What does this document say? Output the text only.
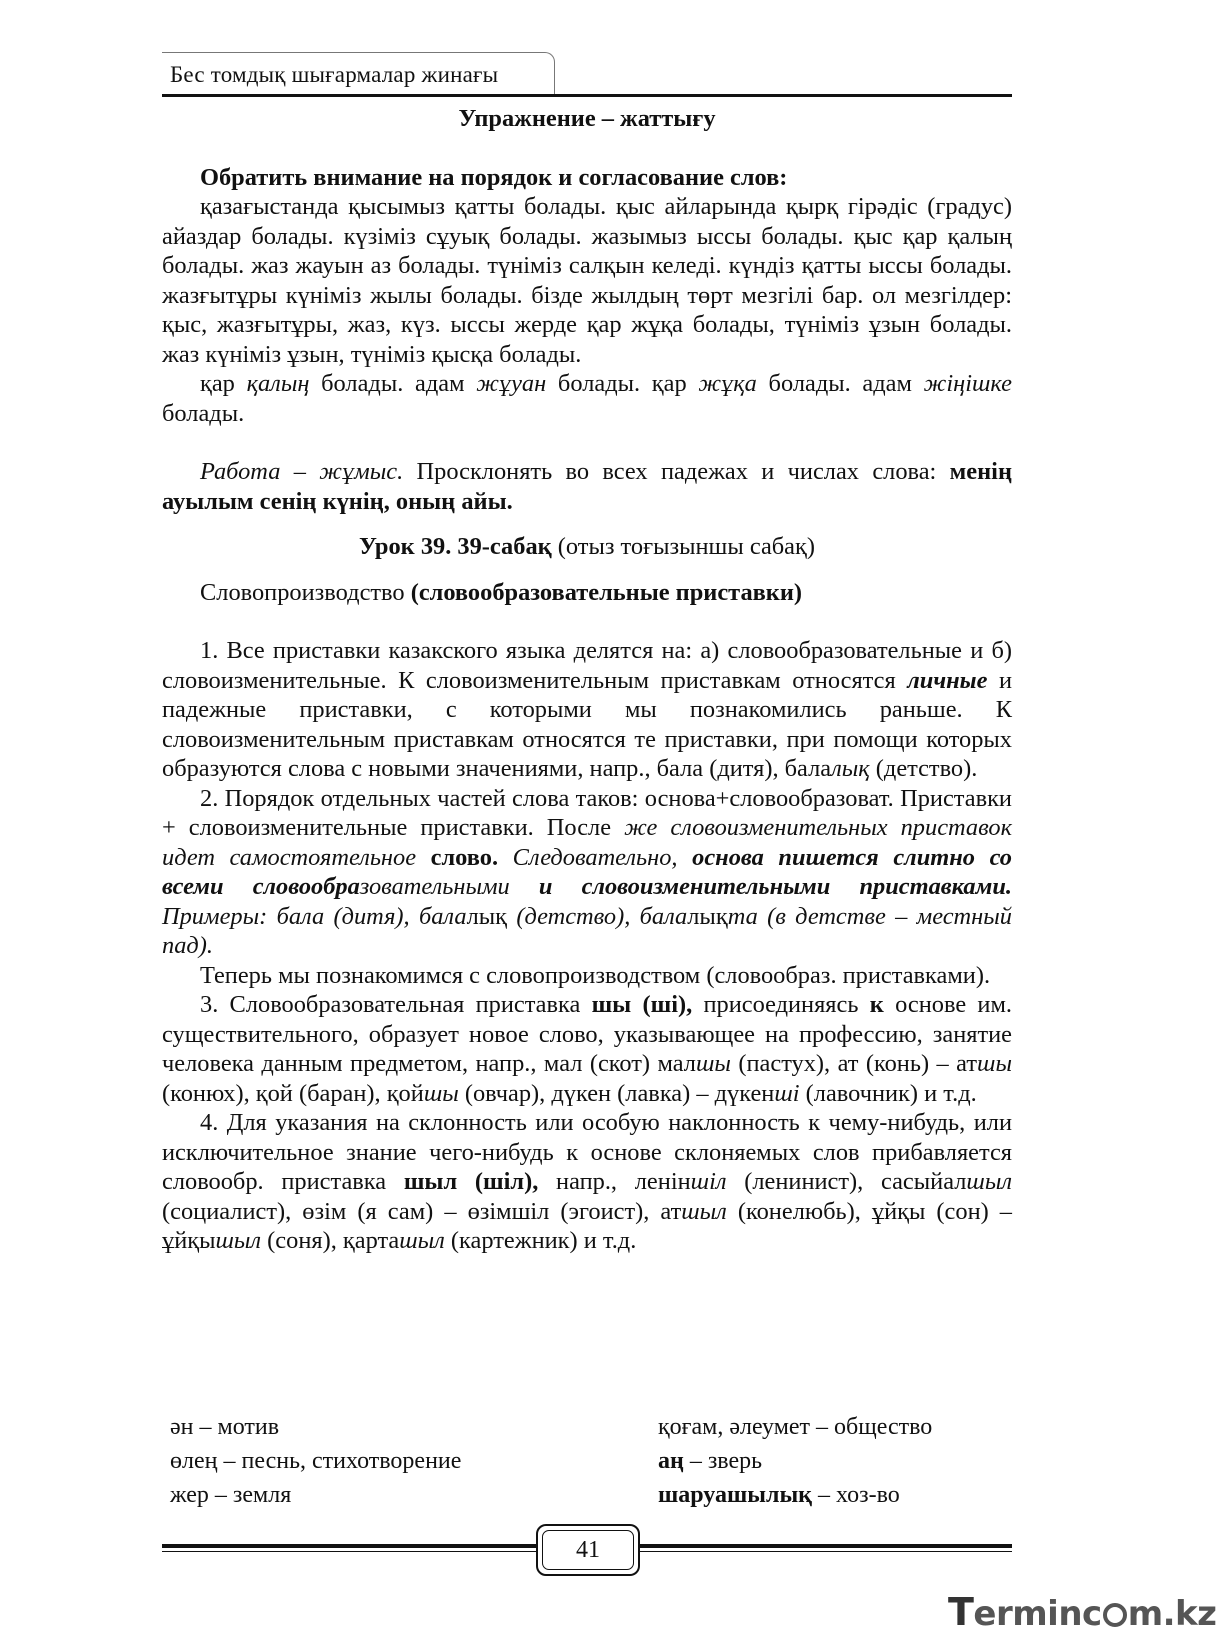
Бес томдық шығармалар жинағы

Упражнение – жаттығу

Обратить внимание на порядок и согласование слов:

қазағыстанда қысымыз қатты болады. қыс айларында қырқ гірәдіс (градус) айаздар болады. күзіміз сұуық болады. жазымыз ыссы болады. қыс қар қалың болады. жаз жауын аз болады. түніміз салқын келеді. күндіз қатты ыссы болады. жазғытұры күніміз жылы болады. бізде жылдың төрт мезгілі бар. ол мезгілдер: қыс, жазғытұры, жаз, күз. ыссы жерде қар жұқа болады, түніміз ұзын болады. жаз күніміз ұзын, түніміз қысқа болады.

қар қалың болады. адам жұуан болады. қар жұқа болады. адам жіңішке болады.

Работа – жұмыс. Просклонять во всех падежах и числах слова: менің ауылым сенің күнің, оның айы.

Урок 39. 39-сабақ (отыз тоғызыншы сабақ)

Словопроизводство (словообразовательные приставки)

1. Все приставки казакского языка делятся на: а) словообразовательные и б) словоизменительные. К словоизменительным приставкам относятся личные и падежные приставки, с которыми мы познакомились раньше. К словоизменительным приставкам относятся те приставки, при помощи которых образуются слова с новыми значениями, напр., бала (дитя), балалық (детство).

2. Порядок отдельных частей слова таков: основа+словообразоват. Приставки + словоизменительные приставки. После же словоизменительных приставок идет самостоятельное слово. Следовательно, основа пишется слитно со всеми словообразовательными и словоизменительными приставками. Примеры: бала (дитя), балалық (детство), балалықта (в детстве – местный пад).

Теперь мы познакомимся с словопроизводством (словообраз. приставками).

3. Словообразовательная приставка шы (ші), присоединяясь к основе им. существительного, образует новое слово, указывающее на профессию, занятие человека данным предметом, напр., мал (скот) малшы (пастух), ат (конь) – атшы (конюх), қой (баран), қойшы (овчар), дүкен (лавка) – дүкенші (лавочник) и т.д.

4. Для указания на склонность или особую наклонность к чему-нибудь, или исключительное знание чего-нибудь к основе склоняемых слов прибавляется словообр. приставка шыл (шіл), напр., леніншіл (ленинист), сасыйалшыл (социалист), өзім (я сам) – өзімшіл (эгоист), атшыл (конелюбь), ұйқы (сон) – ұйқышыл (соня), қарташыл (картежник) и т.д.

ән – мотив
өлең – песнь, стихотворение
жер – земля
қоғам, әлеумет – общество
аң – зверь
шаруашылық – хоз-во
41
Terminc m.kz
